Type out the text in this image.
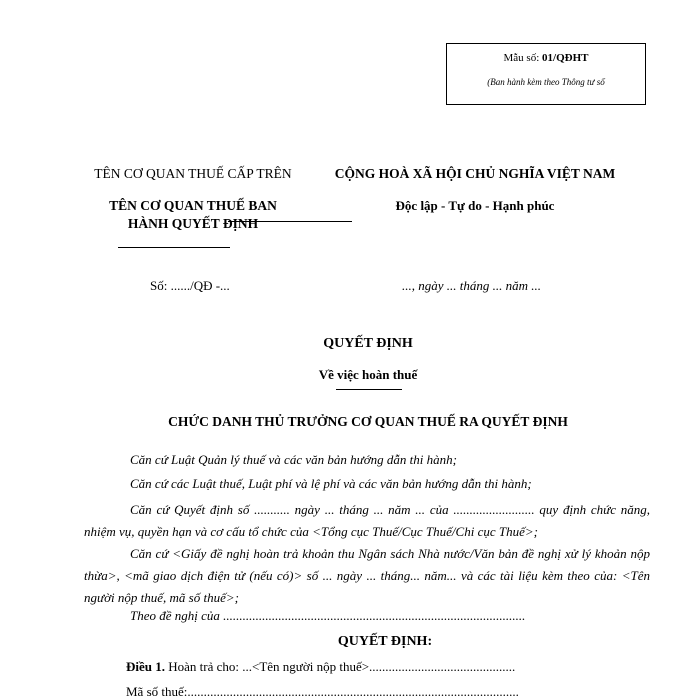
Mẫu số: 01/QĐHT
(Ban hành kèm theo Thông tư số
TÊN CƠ QUAN THUẾ CẤP TRÊN
TÊN CƠ QUAN THUẾ BAN
HÀNH QUYẾT ĐỊNH
CỘNG HOÀ XÃ HỘI CHỦ NGHĨA VIỆT NAM
Độc lập - Tự do - Hạnh phúc
Số: ....../QĐ -...	..., ngày ... tháng ... năm ...
QUYẾT ĐỊNH
Về việc hoàn thuế
CHỨC DANH THỦ TRƯỞNG CƠ QUAN THUẾ RA QUYẾT ĐỊNH
Căn cứ Luật Quản lý thuế và các văn bản hướng dẫn thi hành;
Căn cứ các Luật thuế, Luật phí và lệ phí và các văn bản hướng dẫn thi hành;
Căn cứ Quyết định số ........... ngày ... tháng ... năm ... của ......................... quy định chức năng, nhiệm vụ, quyền hạn và cơ cấu tổ chức của <Tổng cục Thuế/Cục Thuế/Chi cục Thuế>;
Căn cứ <Giấy đề nghị hoàn trả khoản thu Ngân sách Nhà nước/Văn bản đề nghị xử lý khoản nộp thừa>, <mã giao dịch điện tử (nếu có)> số ... ngày ... tháng... năm... và các tài liệu kèm theo của: <Tên người nộp thuế, mã số thuế>;
Theo đề nghị của .............................................................................................
QUYẾT ĐỊNH:
Điều 1. Hoàn trả cho: ...<Tên người nộp thuế>.............................................
Mã số thuế:......................................................................................................
